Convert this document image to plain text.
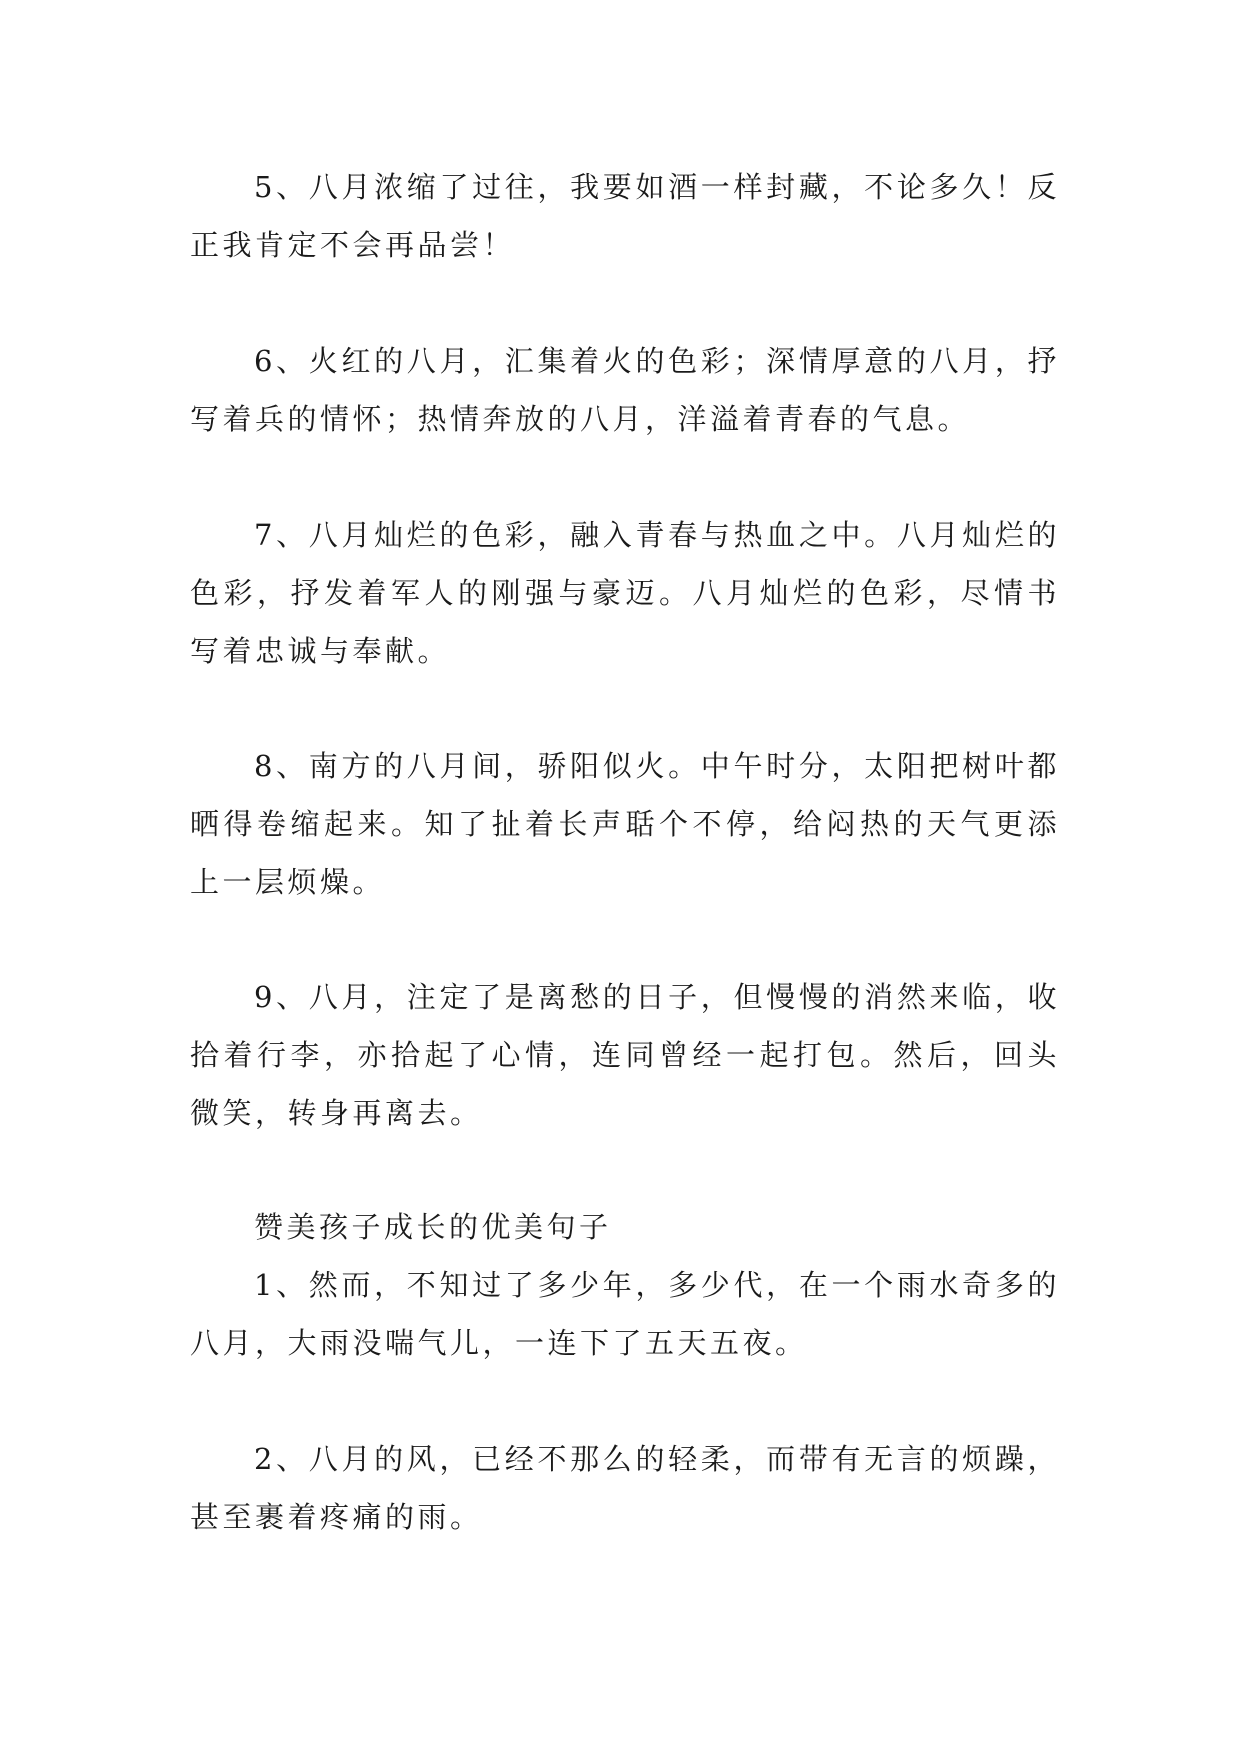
5、八月浓缩了过往，我要如酒一样封藏，不论多久！反正我肯定不会再品尝！

6、火红的八月，汇集着火的色彩；深情厚意的八月，抒写着兵的情怀；热情奔放的八月，洋溢着青春的气息。

7、八月灿烂的色彩，融入青春与热血之中。八月灿烂的色彩，抒发着军人的刚强与豪迈。八月灿烂的色彩，尽情书写着忠诚与奉献。

8、南方的八月间，骄阳似火。中午时分，太阳把树叶都晒得卷缩起来。知了扯着长声聒个不停，给闷热的天气更添上一层烦燥。

9、八月，注定了是离愁的日子，但慢慢的消然来临，收拾着行李，亦拾起了心情，连同曾经一起打包。然后，回头微笑，转身再离去。

赞美孩子成长的优美句子

1、然而，不知过了多少年，多少代，在一个雨水奇多的八月，大雨没喘气儿，一连下了五天五夜。

2、八月的风，已经不那么的轻柔，而带有无言的烦躁，甚至裹着疼痛的雨。
